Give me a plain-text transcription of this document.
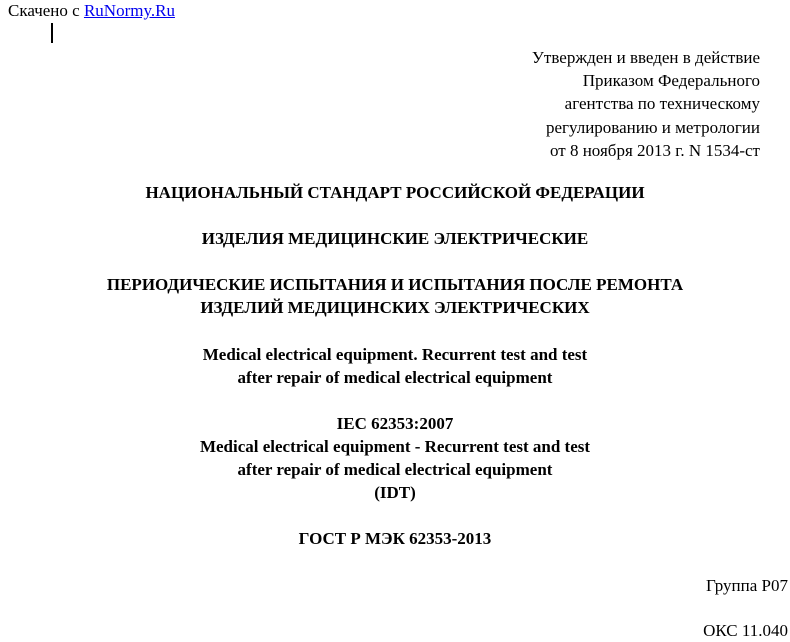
Скачено с RuNormy.Ru
Утвержден и введен в действие
Приказом Федерального
агентства по техническому
регулированию и метрологии
от 8 ноября 2013 г. N 1534-ст
НАЦИОНАЛЬНЫЙ СТАНДАРТ РОССИЙСКОЙ ФЕДЕРАЦИИ
ИЗДЕЛИЯ МЕДИЦИНСКИЕ ЭЛЕКТРИЧЕСКИЕ
ПЕРИОДИЧЕСКИЕ ИСПЫТАНИЯ И ИСПЫТАНИЯ ПОСЛЕ РЕМОНТА
ИЗДЕЛИЙ МЕДИЦИНСКИХ ЭЛЕКТРИЧЕСКИХ
Medical electrical equipment. Recurrent test and test
after repair of medical electrical equipment
IEC 62353:2007
Medical electrical equipment - Recurrent test and test
after repair of medical electrical equipment
(IDT)
ГОСТ Р МЭК 62353-2013
Группа Р07
ОКС 11.040
